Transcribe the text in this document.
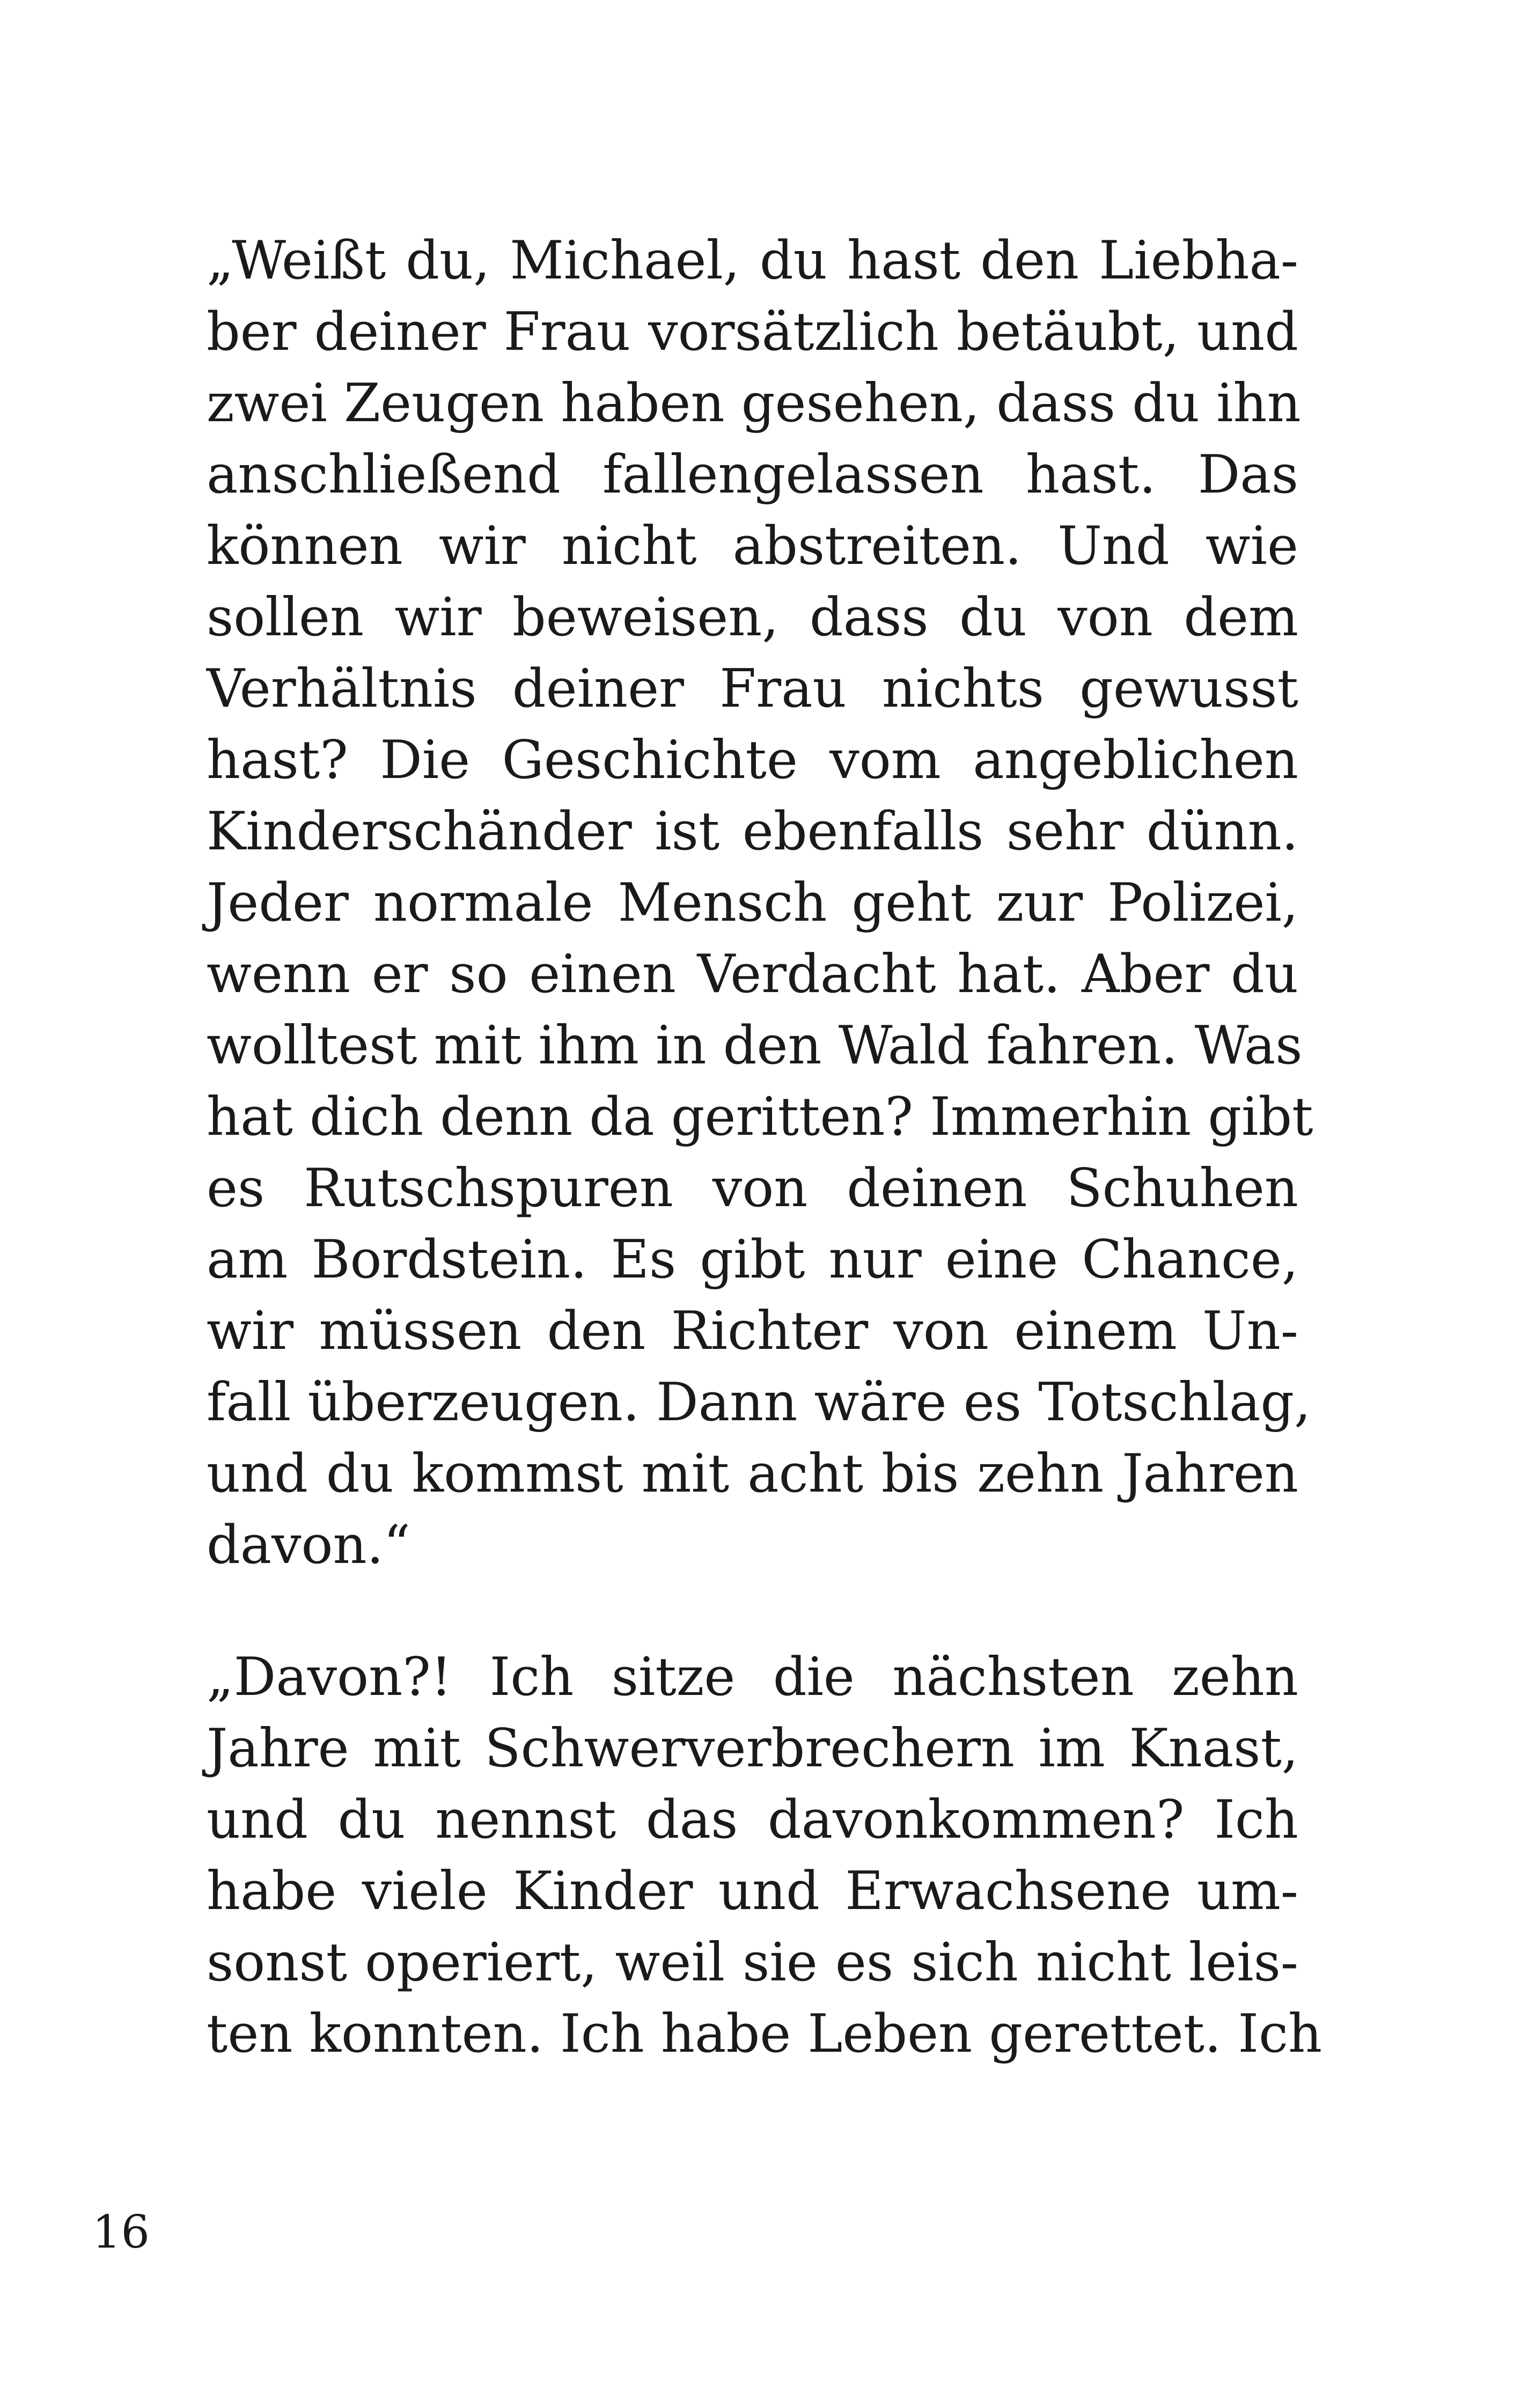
„Weißt du, Michael, du hast den Liebha-
ber deiner Frau vorsätzlich betäubt, und
zwei Zeugen haben gesehen, dass du ihn
anschließend fallengelassen hast. Das
können wir nicht abstreiten. Und wie
sollen wir beweisen, dass du von dem
Verhältnis deiner Frau nichts gewusst
hast? Die Geschichte vom angeblichen
Kinderschänder ist ebenfalls sehr dünn.
Jeder normale Mensch geht zur Polizei,
wenn er so einen Verdacht hat. Aber du
wolltest mit ihm in den Wald fahren. Was
hat dich denn da geritten? Immerhin gibt
es Rutschspuren von deinen Schuhen
am Bordstein. Es gibt nur eine Chance,
wir müssen den Richter von einem Un-
fall überzeugen. Dann wäre es Totschlag,
und du kommst mit acht bis zehn Jahren
davon.“
„Davon?! Ich sitze die nächsten zehn
Jahre mit Schwerverbrechern im Knast,
und du nennst das davonkommen? Ich
habe viele Kinder und Erwachsene um-
sonst operiert, weil sie es sich nicht leis-
ten konnten. Ich habe Leben gerettet. Ich
16
